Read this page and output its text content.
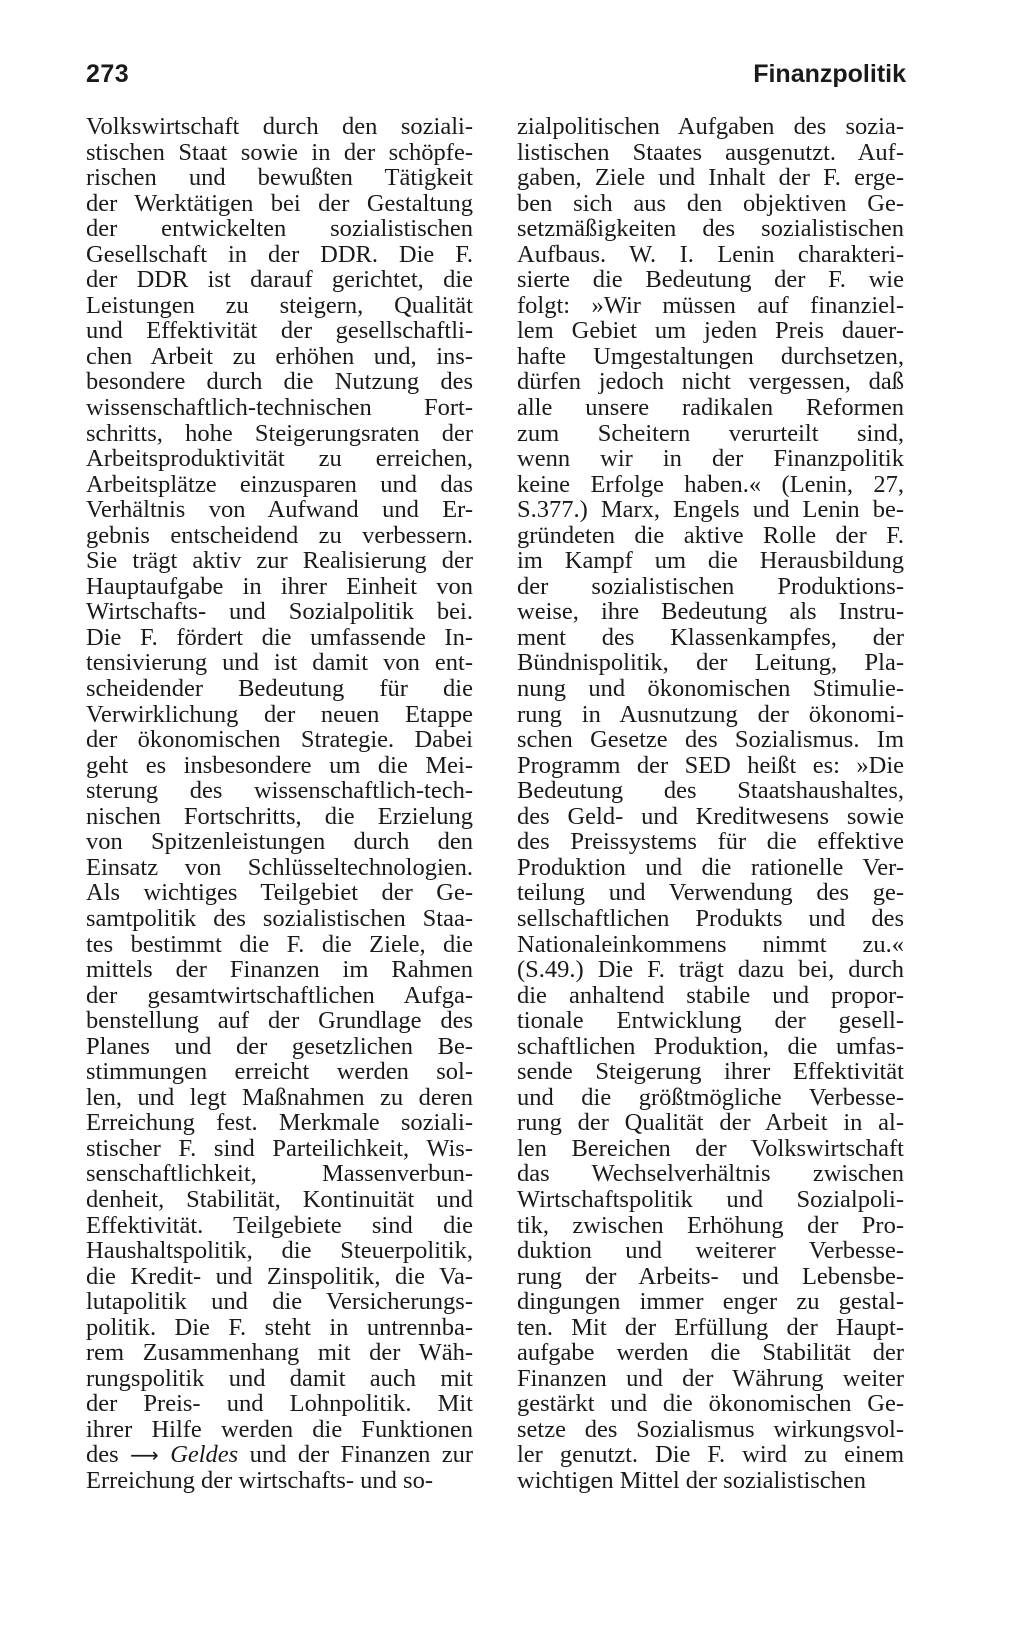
273	Finanzpolitik
Volkswirtschaft durch den soziali-
stischen Staat sowie in der schöpfe-
rischen und bewußten Tätigkeit
der Werktätigen bei der Gestaltung
der entwickelten sozialistischen
Gesellschaft in der DDR. Die F.
der DDR ist darauf gerichtet, die
Leistungen zu steigern, Qualität
und Effektivität der gesellschaftli-
chen Arbeit zu erhöhen und, ins-
besondere durch die Nutzung des
wissenschaftlich-technischen Fort-
schritts, hohe Steigerungsraten der
Arbeitsproduktivität zu erreichen,
Arbeitsplätze einzusparen und das
Verhältnis von Aufwand und Er-
gebnis entscheidend zu verbessern.
Sie trägt aktiv zur Realisierung der
Hauptaufgabe in ihrer Einheit von
Wirtschafts- und Sozialpolitik bei.
Die F. fördert die umfassende In-
tensivierung und ist damit von ent-
scheidender Bedeutung für die
Verwirklichung der neuen Etappe
der ökonomischen Strategie. Dabei
geht es insbesondere um die Mei-
sterung des wissenschaftlich-tech-
nischen Fortschritts, die Erzielung
von Spitzenleistungen durch den
Einsatz von Schlüsseltechnologien.
Als wichtiges Teilgebiet der Ge-
samtpolitik des sozialistischen Staa-
tes bestimmt die F. die Ziele, die
mittels der Finanzen im Rahmen
der gesamtwirtschaftlichen Aufga-
benstellung auf der Grundlage des
Planes und der gesetzlichen Be-
stimmungen erreicht werden sol-
len, und legt Maßnahmen zu deren
Erreichung fest. Merkmale soziali-
stischer F. sind Parteilichkeit, Wis-
senschaftlichkeit, Massenverbun-
denheit, Stabilität, Kontinuität und
Effektivität. Teilgebiete sind die
Haushaltspolitik, die Steuerpolitik,
die Kredit- und Zinspolitik, die Va-
lutapolitik und die Versicherungs-
politik. Die F. steht in untrennba-
rem Zusammenhang mit der Wäh-
rungspolitik und damit auch mit
der Preis- und Lohnpolitik. Mit
ihrer Hilfe werden die Funktionen
des ⟶ Geldes und der Finanzen zur
Erreichung der wirtschafts- und so-
zialpolitischen Aufgaben des sozia-
listischen Staates ausgenutzt. Auf-
gaben, Ziele und Inhalt der F. erge-
ben sich aus den objektiven Ge-
setzmäßigkeiten des sozialistischen
Aufbaus. W. I. Lenin charakteri-
sierte die Bedeutung der F. wie
folgt: »Wir müssen auf finanziel-
lem Gebiet um jeden Preis dauer-
hafte Umgestaltungen durchsetzen,
dürfen jedoch nicht vergessen, daß
alle unsere radikalen Reformen
zum Scheitern verurteilt sind,
wenn wir in der Finanzpolitik
keine Erfolge haben.« (Lenin, 27,
S.377.) Marx, Engels und Lenin be-
gründeten die aktive Rolle der F.
im Kampf um die Herausbildung
der sozialistischen Produktions-
weise, ihre Bedeutung als Instru-
ment des Klassenkampfes, der
Bündnispolitik, der Leitung, Pla-
nung und ökonomischen Stimulie-
rung in Ausnutzung der ökonomi-
schen Gesetze des Sozialismus. Im
Programm der SED heißt es: »Die
Bedeutung des Staatshaushaltes,
des Geld- und Kreditwesens sowie
des Preissystems für die effektive
Produktion und die rationelle Ver-
teilung und Verwendung des ge-
sellschaftlichen Produkts und des
Nationaleinkommens nimmt zu.«
(S.49.) Die F. trägt dazu bei, durch
die anhaltend stabile und propor-
tionale Entwicklung der gesell-
schaftlichen Produktion, die umfas-
sende Steigerung ihrer Effektivität
und die größtmögliche Verbesse-
rung der Qualität der Arbeit in al-
len Bereichen der Volkswirtschaft
das Wechselverhältnis zwischen
Wirtschaftspolitik und Sozialpoli-
tik, zwischen Erhöhung der Pro-
duktion und weiterer Verbesse-
rung der Arbeits- und Lebensbe-
dingungen immer enger zu gestal-
ten. Mit der Erfüllung der Haupt-
aufgabe werden die Stabilität der
Finanzen und der Währung weiter
gestärkt und die ökonomischen Ge-
setze des Sozialismus wirkungsvol-
ler genutzt. Die F. wird zu einem
wichtigen Mittel der sozialistischen
